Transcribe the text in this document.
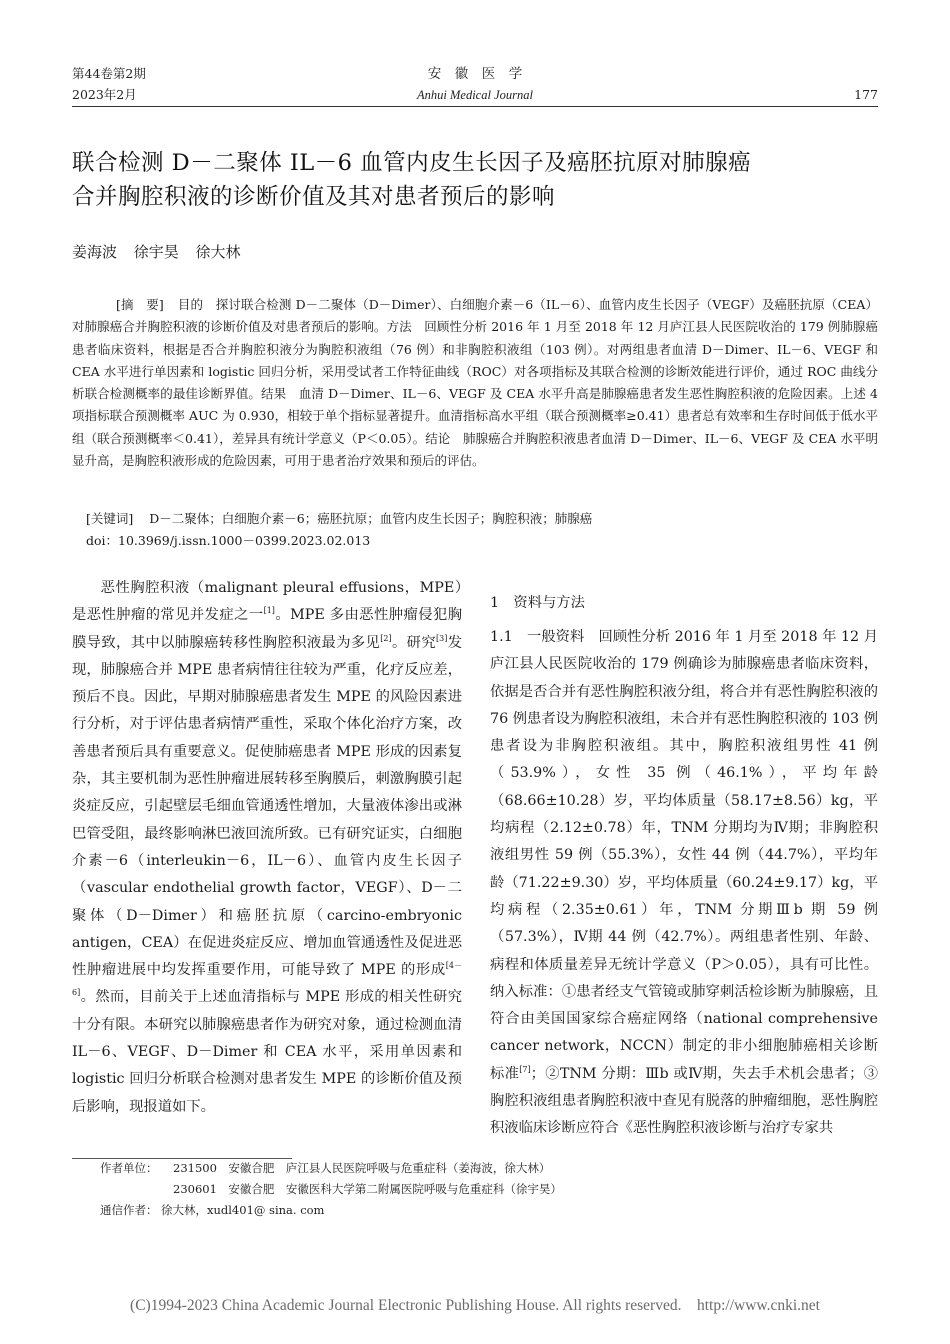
第44卷第2期
2023年2月
安　徽　医　学
Anhui Medical Journal	177
联合检测 D－二聚体 IL－6 血管内皮生长因子及癌胚抗原对肺腺癌
合并胸腔积液的诊断价值及其对患者预后的影响
姜海波 徐宇昊 徐大林
[摘　要] 目的　探讨联合检测 D－二聚体（D－Dimer）、白细胞介素－6（IL－6）、血管内皮生长因子（VEGF）及癌胚抗原（CEA）对肺腺癌合并胸腔积液的诊断价值及对患者预后的影响。方法　回顾性分析 2016 年 1 月至 2018 年 12 月庐江县人民医院收治的 179 例肺腺癌患者临床资料，根据是否合并胸腔积液分为胸腔积液组（76 例）和非胸腔积液组（103 例）。对两组患者血清 D－Dimer、IL－6、VEGF 和 CEA 水平进行单因素和 logistic 回归分析，采用受试者工作特征曲线（ROC）对各项指标及其联合检测的诊断效能进行评价，通过 ROC 曲线分析联合检测概率的最佳诊断界值。结果　血清 D－Dimer、IL－6、VEGF 及 CEA 水平升高是肺腺癌患者发生恶性胸腔积液的危险因素。上述 4 项指标联合预测概率 AUC 为 0.930，相较于单个指标显著提升。血清指标高水平组（联合预测概率≥0.41）患者总有效率和生存时间低于低水平组（联合预测概率＜0.41），差异具有统计学意义（P＜0.05）。结论　肺腺癌合并胸腔积液患者血清 D－Dimer、IL－6、VEGF 及 CEA 水平明显升高，是胸腔积液形成的危险因素，可用于患者治疗效果和预后的评估。
[关键词] D－二聚体；白细胞介素－6；癌胚抗原；血管内皮生长因子；胸腔积液；肺腺癌
doi：10.3969/j.issn.1000－0399.2023.02.013

恶性胸腔积液（malignant pleural effusions，MPE）是恶性肿瘤的常见并发症之一[1]。MPE 多由恶性肿瘤侵犯胸膜导致，其中以肺腺癌转移性胸腔积液最为多见[2]。研究[3]发现，肺腺癌合并 MPE 患者病情往往较为严重，化疗反应差，预后不良。因此，早期对肺腺癌患者发生 MPE 的风险因素进行分析，对于评估患者病情严重性，采取个体化治疗方案，改善患者预后具有重要意义。促使肺癌患者 MPE 形成的因素复杂，其主要机制为恶性肿瘤进展转移至胸膜后，刺激胸膜引起炎症反应，引起壁层毛细血管通透性增加，大量液体渗出或淋巴管受阻，最终影响淋巴液回流所致。已有研究证实，白细胞介素－6（interleukin－6，IL－6）、血管内皮生长因子（vascular endothelial growth factor，VEGF）、D－二聚体（D－Dimer）和癌胚抗原（carcino-embryonic antigen，CEA）在促进炎症反应、增加血管通透性及促进恶性肿瘤进展中均发挥重要作用，可能导致了 MPE 的形成[4－6]。然而，目前关于上述血清指标与 MPE 形成的相关性研究十分有限。本研究以肺腺癌患者作为研究对象，通过检测血清 IL－6、VEGF、D－Dimer 和 CEA 水平，采用单因素和 logistic 回归分析联合检测对患者发生 MPE 的诊断价值及预后影响，现报道如下。

1　资料与方法

1.1　一般资料　回顾性分析 2016 年 1 月至 2018 年 12 月庐江县人民医院收治的 179 例确诊为肺腺癌患者临床资料，依据是否合并有恶性胸腔积液分组，将合并有恶性胸腔积液的 76 例患者设为胸腔积液组，未合并有恶性胸腔积液的 103 例患者设为非胸腔积液组。其中，胸腔积液组男性 41 例（53.9%），女性 35 例（46.1%），平均年龄（68.66±10.28）岁，平均体质量（58.17±8.56）kg，平均病程（2.12±0.78）年，TNM 分期均为Ⅳ期；非胸腔积液组男性 59 例（55.3%），女性 44 例（44.7%），平均年龄（71.22±9.30）岁，平均体质量（60.24±9.17）kg，平均病程（2.35±0.61）年，TNM 分期Ⅲb 期 59 例（57.3%），Ⅳ期 44 例（42.7%）。两组患者性别、年龄、病程和体质量差异无统计学意义（P＞0.05），具有可比性。纳入标准：①患者经支气管镜或肺穿刺活检诊断为肺腺癌，且符合由美国国家综合癌症网络（national comprehensive cancer network，NCCN）制定的非小细胞肺癌相关诊断标准[7]；②TNM 分期：Ⅲb 或Ⅳ期，失去手术机会患者；③胸腔积液组患者胸腔积液中查见有脱落的肿瘤细胞，恶性胸腔积液临床诊断应符合《恶性胸腔积液诊断与治疗专家共

作者单位： 231500　安徽合肥　庐江县人民医院呼吸与危重症科（姜海波，徐大林）
230601　安徽合肥　安徽医科大学第二附属医院呼吸与危重症科（徐宇昊）
通信作者： 徐大林，xudl401@ sina. com
(C)1994-2023 China Academic Journal Electronic Publishing House. All rights reserved.    http://www.cnki.net
